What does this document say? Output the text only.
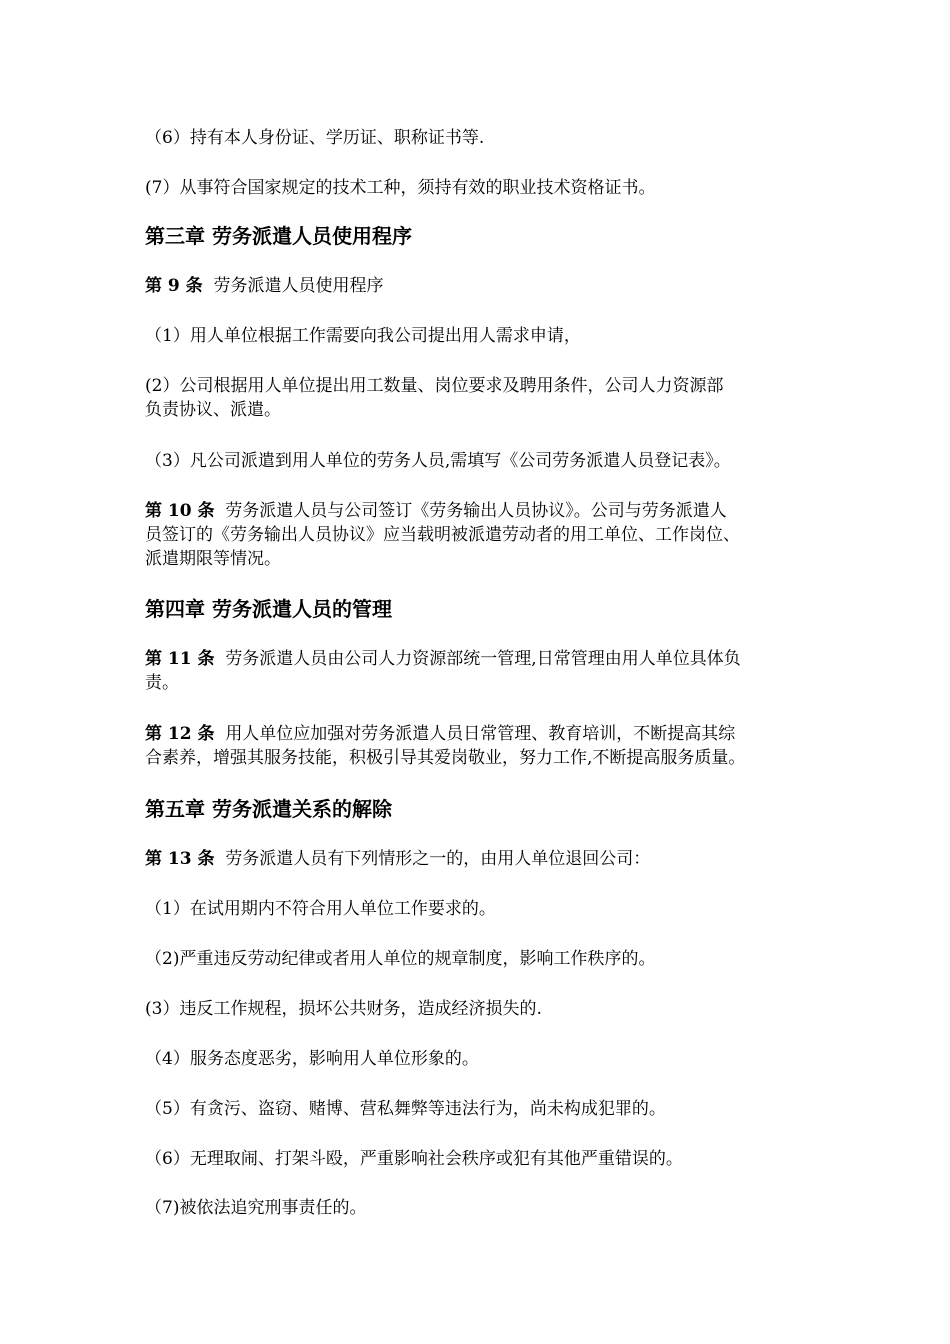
（6）持有本人身份证、学历证、职称证书等.
(7）从事符合国家规定的技术工种，须持有效的职业技术资格证书。
第三章 劳务派遣人员使用程序
第 9 条 劳务派遣人员使用程序
（1）用人单位根据工作需要向我公司提出用人需求申请，
(2）公司根据用人单位提出用工数量、岗位要求及聘用条件，公司人力资源部
负责协议、派遣。
（3）凡公司派遣到用人单位的劳务人员,需填写《公司劳务派遣人员登记表》。
第 10 条 劳务派遣人员与公司签订《劳务输出人员协议》。公司与劳务派遣人
员签订的《劳务输出人员协议》应当载明被派遣劳动者的用工单位、工作岗位、
派遣期限等情况。
第四章 劳务派遣人员的管理
第 11 条 劳务派遣人员由公司人力资源部统一管理,日常管理由用人单位具体负
责。
第 12 条 用人单位应加强对劳务派遣人员日常管理、教育培训，不断提高其综
合素养，增强其服务技能，积极引导其爱岗敬业，努力工作,不断提高服务质量。
第五章 劳务派遣关系的解除
第 13 条 劳务派遣人员有下列情形之一的，由用人单位退回公司：
（1）在试用期内不符合用人单位工作要求的。
（2)严重违反劳动纪律或者用人单位的规章制度，影响工作秩序的。
(3）违反工作规程，损坏公共财务，造成经济损失的.
（4）服务态度恶劣，影响用人单位形象的。
（5）有贪污、盗窃、赌博、营私舞弊等违法行为，尚未构成犯罪的。
（6）无理取闹、打架斗殴，严重影响社会秩序或犯有其他严重错误的。
（7)被依法追究刑事责任的。
